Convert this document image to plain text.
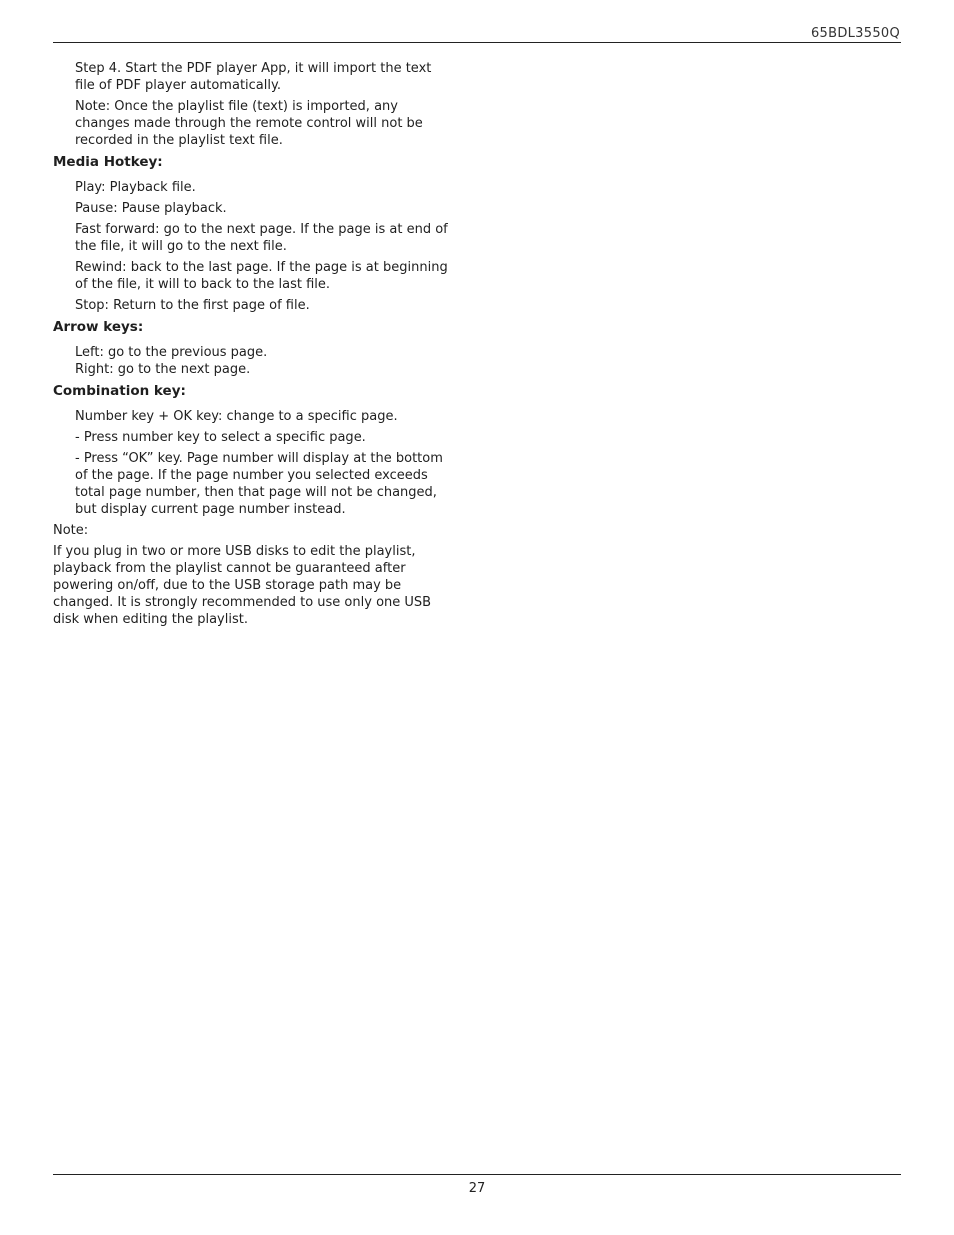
65BDL3550Q

Step 4. Start the PDF player App, it will import the text file of PDF player automatically.

Note: Once the playlist file (text) is imported, any changes made through the remote control will not be recorded in the playlist text file.

Media Hotkey:

Play: Playback file.

Pause: Pause playback.

Fast forward: go to the next page. If the page is at end of the file, it will go to the next file.

Rewind: back to the last page. If the page is at beginning of the file, it will to back to the last file.

Stop: Return to the first page of file.

Arrow keys:

Left: go to the previous page.

Right: go to the next page.

Combination key:

Number key + OK key: change to a specific page.

- Press number key to select a specific page.

- Press “OK” key. Page number will display at the bottom of the page. If the page number you selected exceeds total page number, then that page will not be changed, but display current page number instead.

Note:

If you plug in two or more USB disks to edit the playlist, playback from the playlist cannot be guaranteed after powering on/off, due to the USB storage path may be changed. It is strongly recommended to use only one USB disk when editing the playlist.

27
